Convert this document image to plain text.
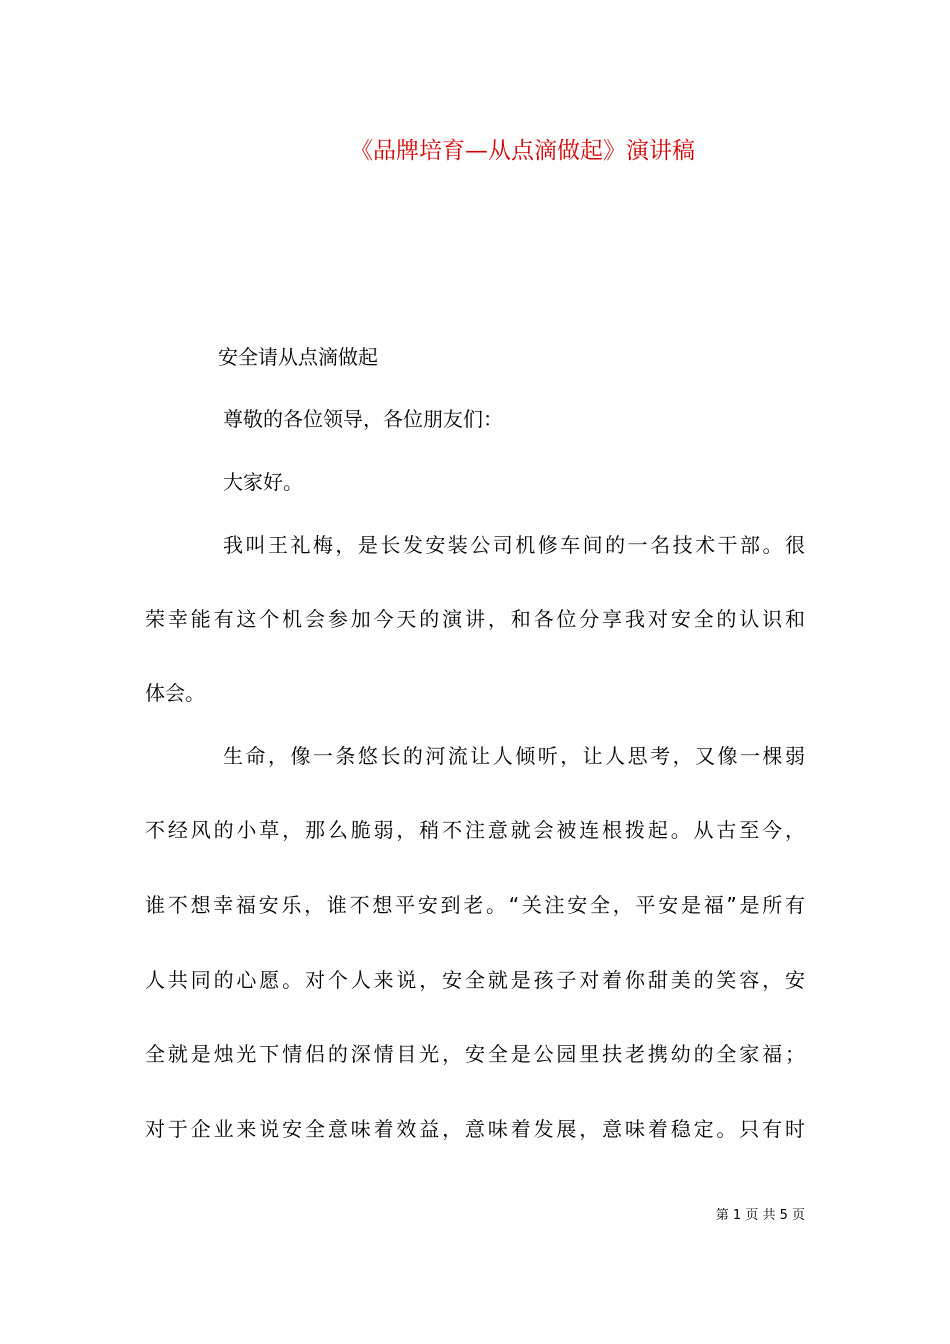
《品牌培育—从点滴做起》演讲稿
安全请从点滴做起
尊敬的各位领导，各位朋友们：
大家好。
我叫王礼梅，是长发安装公司机修车间的一名技术干部。很
荣幸能有这个机会参加今天的演讲，和各位分享我对安全的认识和
体会。
生命，像一条悠长的河流让人倾听，让人思考，又像一棵弱
不经风的小草，那么脆弱，稍不注意就会被连根拨起。从古至今，
谁不想幸福安乐，谁不想平安到老。“关注安全，平安是福”是所有
人共同的心愿。对个人来说，安全就是孩子对着你甜美的笑容，安
全就是烛光下情侣的深情目光，安全是公园里扶老携幼的全家福；
对于企业来说安全意味着效益，意味着发展，意味着稳定。只有时
第 1 页 共 5 页
